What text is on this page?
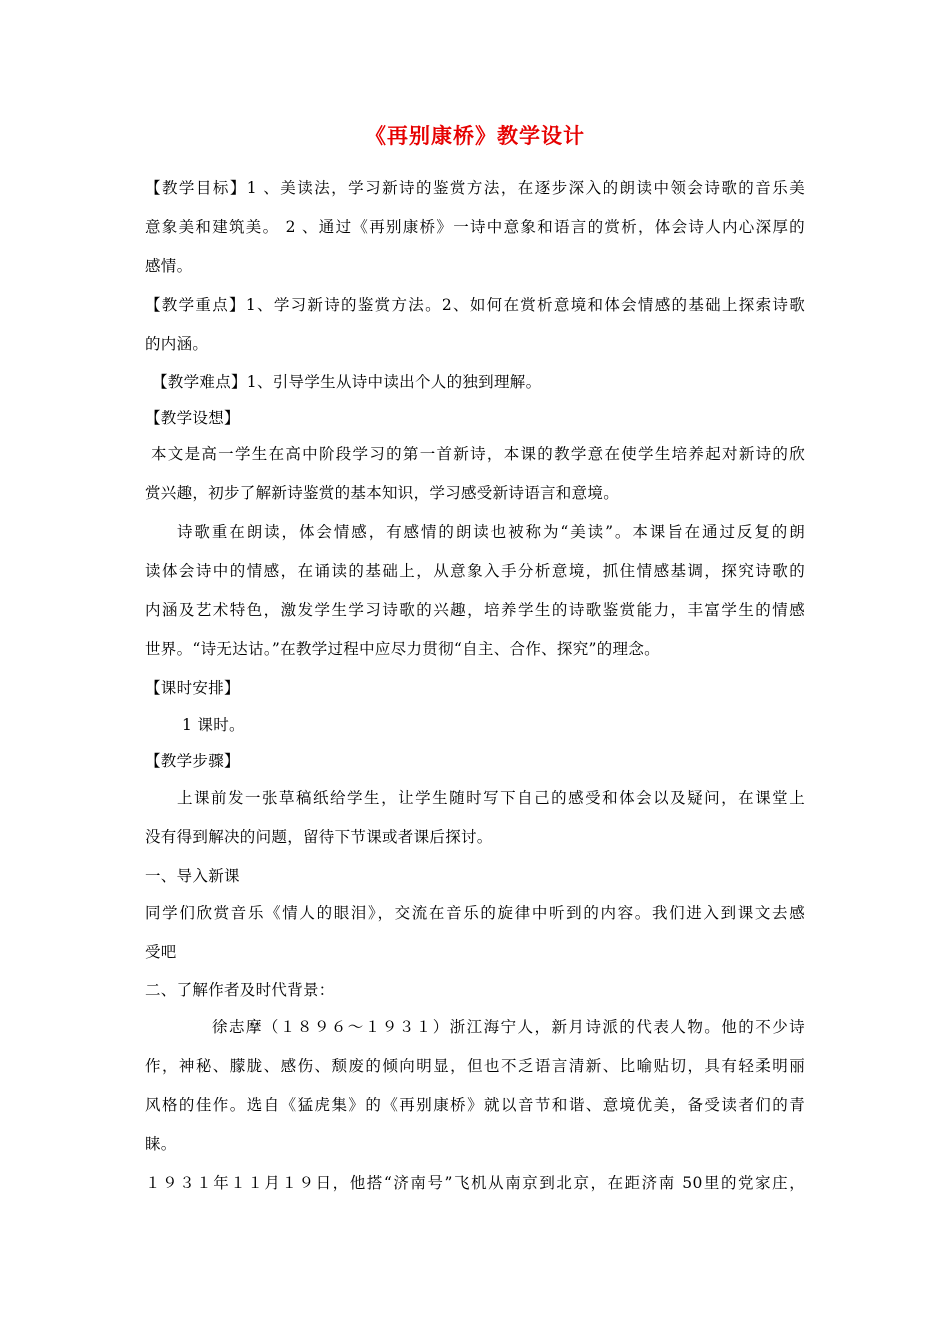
《再别康桥》教学设计
【教学目标】1 、美读法，学习新诗的鉴赏方法，在逐步深入的朗读中领会诗歌的音乐美
意象美和建筑美。 2 、通过《再别康桥》一诗中意象和语言的赏析，体会诗人内心深厚的
感情。
【教学重点】1、学习新诗的鉴赏方法。2、如何在赏析意境和体会情感的基础上探索诗歌
的内涵。
【教学难点】1、引导学生从诗中读出个人的独到理解。
【教学设想】
本文是高一学生在高中阶段学习的第一首新诗，本课的教学意在使学生培养起对新诗的欣
赏兴趣，初步了解新诗鉴赏的基本知识，学习感受新诗语言和意境。
诗歌重在朗读，体会情感，有感情的朗读也被称为“美读”。本课旨在通过反复的朗
读体会诗中的情感，在诵读的基础上，从意象入手分析意境，抓住情感基调，探究诗歌的
内涵及艺术特色，激发学生学习诗歌的兴趣，培养学生的诗歌鉴赏能力，丰富学生的情感
世界。“诗无达诂。”在教学过程中应尽力贯彻“自主、合作、探究”的理念。
【课时安排】
1 课时。
【教学步骤】
上课前发一张草稿纸给学生，让学生随时写下自己的感受和体会以及疑问，在课堂上
没有得到解决的问题，留待下节课或者课后探讨。
一、导入新课
同学们欣赏音乐《情人的眼泪》，交流在音乐的旋律中听到的内容。我们进入到课文去感
受吧
二、了解作者及时代背景：
徐志摩（１８９６～１９３１）浙江海宁人，新月诗派的代表人物。他的不少诗
作，神秘、朦胧、感伤、颓废的倾向明显，但也不乏语言清新、比喻贴切，具有轻柔明丽
风格的佳作。选自《猛虎集》的《再别康桥》就以音节和谐、意境优美，备受读者们的青
睐。
１９３１年１１月１９日，他搭“济南号”飞机从南京到北京，在距济南 50里的党家庄，
